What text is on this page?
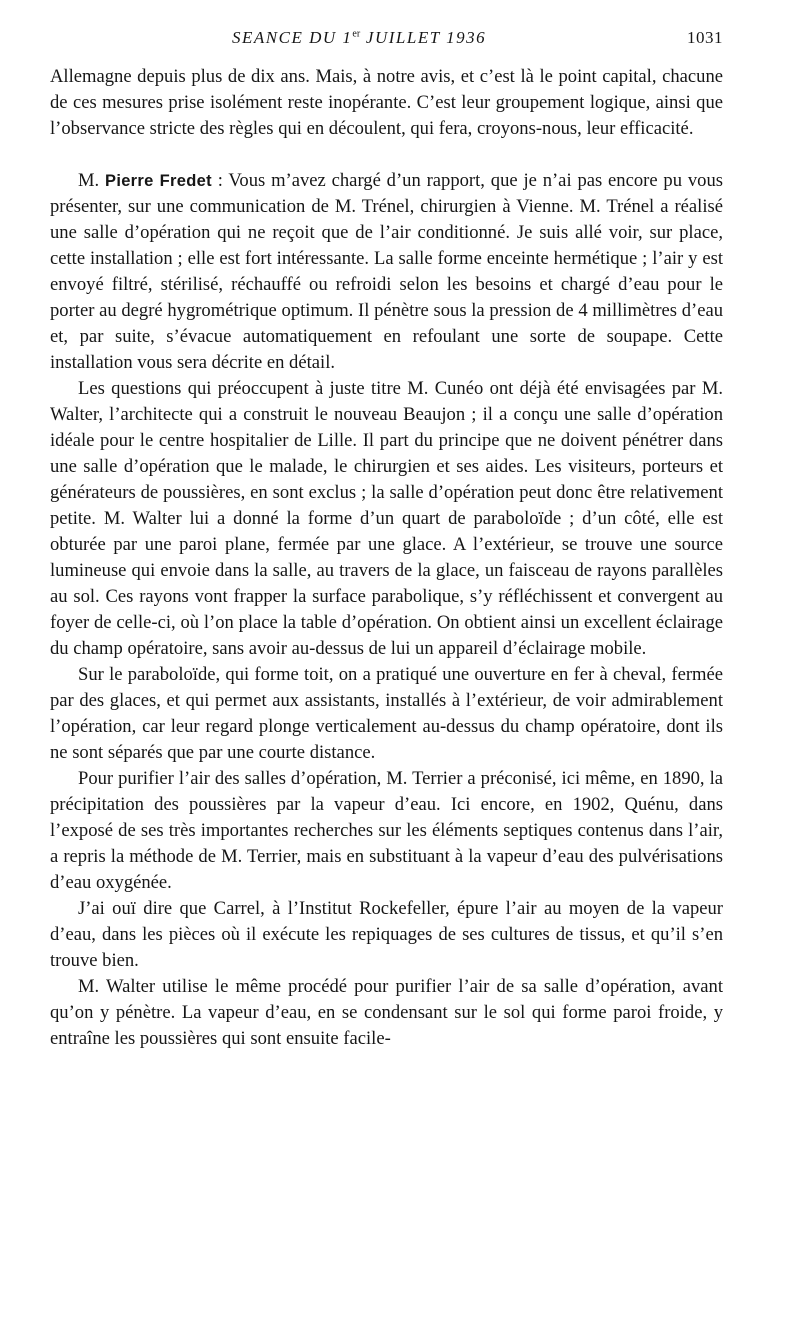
SEANCE DU 1er JUILLET 1936	1031

Allemagne depuis plus de dix ans. Mais, à notre avis, et c’est là le point capital, chacune de ces mesures prise isolément reste inopérante. C’est leur groupement logique, ainsi que l’observance stricte des règles qui en découlent, qui fera, croyons-nous, leur efficacité.

M. Pierre Fredet : Vous m’avez chargé d’un rapport, que je n’ai pas encore pu vous présenter, sur une communication de M. Trénel, chirurgien à Vienne. M. Trénel a réalisé une salle d’opération qui ne reçoit que de l’air conditionné. Je suis allé voir, sur place, cette installation ; elle est fort intéressante. La salle forme enceinte hermétique ; l’air y est envoyé filtré, stérilisé, réchauffé ou refroidi selon les besoins et chargé d’eau pour le porter au degré hygrométrique optimum. Il pénètre sous la pression de 4 millimètres d’eau et, par suite, s’évacue automatiquement en refoulant une sorte de soupape. Cette installation vous sera décrite en détail.

Les questions qui préoccupent à juste titre M. Cunéo ont déjà été envisagées par M. Walter, l’architecte qui a construit le nouveau Beaujon ; il a conçu une salle d’opération idéale pour le centre hospitalier de Lille. Il part du principe que ne doivent pénétrer dans une salle d’opération que le malade, le chirurgien et ses aides. Les visiteurs, porteurs et générateurs de poussières, en sont exclus ; la salle d’opération peut donc être relativement petite. M. Walter lui a donné la forme d’un quart de paraboloïde ; d’un côté, elle est obturée par une paroi plane, fermée par une glace. A l’extérieur, se trouve une source lumineuse qui envoie dans la salle, au travers de la glace, un faisceau de rayons parallèles au sol. Ces rayons vont frapper la surface parabolique, s’y réfléchissent et convergent au foyer de celle-ci, où l’on place la table d’opération. On obtient ainsi un excellent éclairage du champ opératoire, sans avoir au-dessus de lui un appareil d’éclairage mobile.

Sur le paraboloïde, qui forme toit, on a pratiqué une ouverture en fer à cheval, fermée par des glaces, et qui permet aux assistants, installés à l’extérieur, de voir admirablement l’opération, car leur regard plonge verticalement au-dessus du champ opératoire, dont ils ne sont séparés que par une courte distance.

Pour purifier l’air des salles d’opération, M. Terrier a préconisé, ici même, en 1890, la précipitation des poussières par la vapeur d’eau. Ici encore, en 1902, Quénu, dans l’exposé de ses très importantes recherches sur les éléments septiques contenus dans l’air, a repris la méthode de M. Terrier, mais en substituant à la vapeur d’eau des pulvérisations d’eau oxygénée.

J’ai ouï dire que Carrel, à l’Institut Rockefeller, épure l’air au moyen de la vapeur d’eau, dans les pièces où il exécute les repiquages de ses cultures de tissus, et qu’il s’en trouve bien.

M. Walter utilise le même procédé pour purifier l’air de sa salle d’opération, avant qu’on y pénètre. La vapeur d’eau, en se condensant sur le sol qui forme paroi froide, y entraîne les poussières qui sont ensuite facile-
